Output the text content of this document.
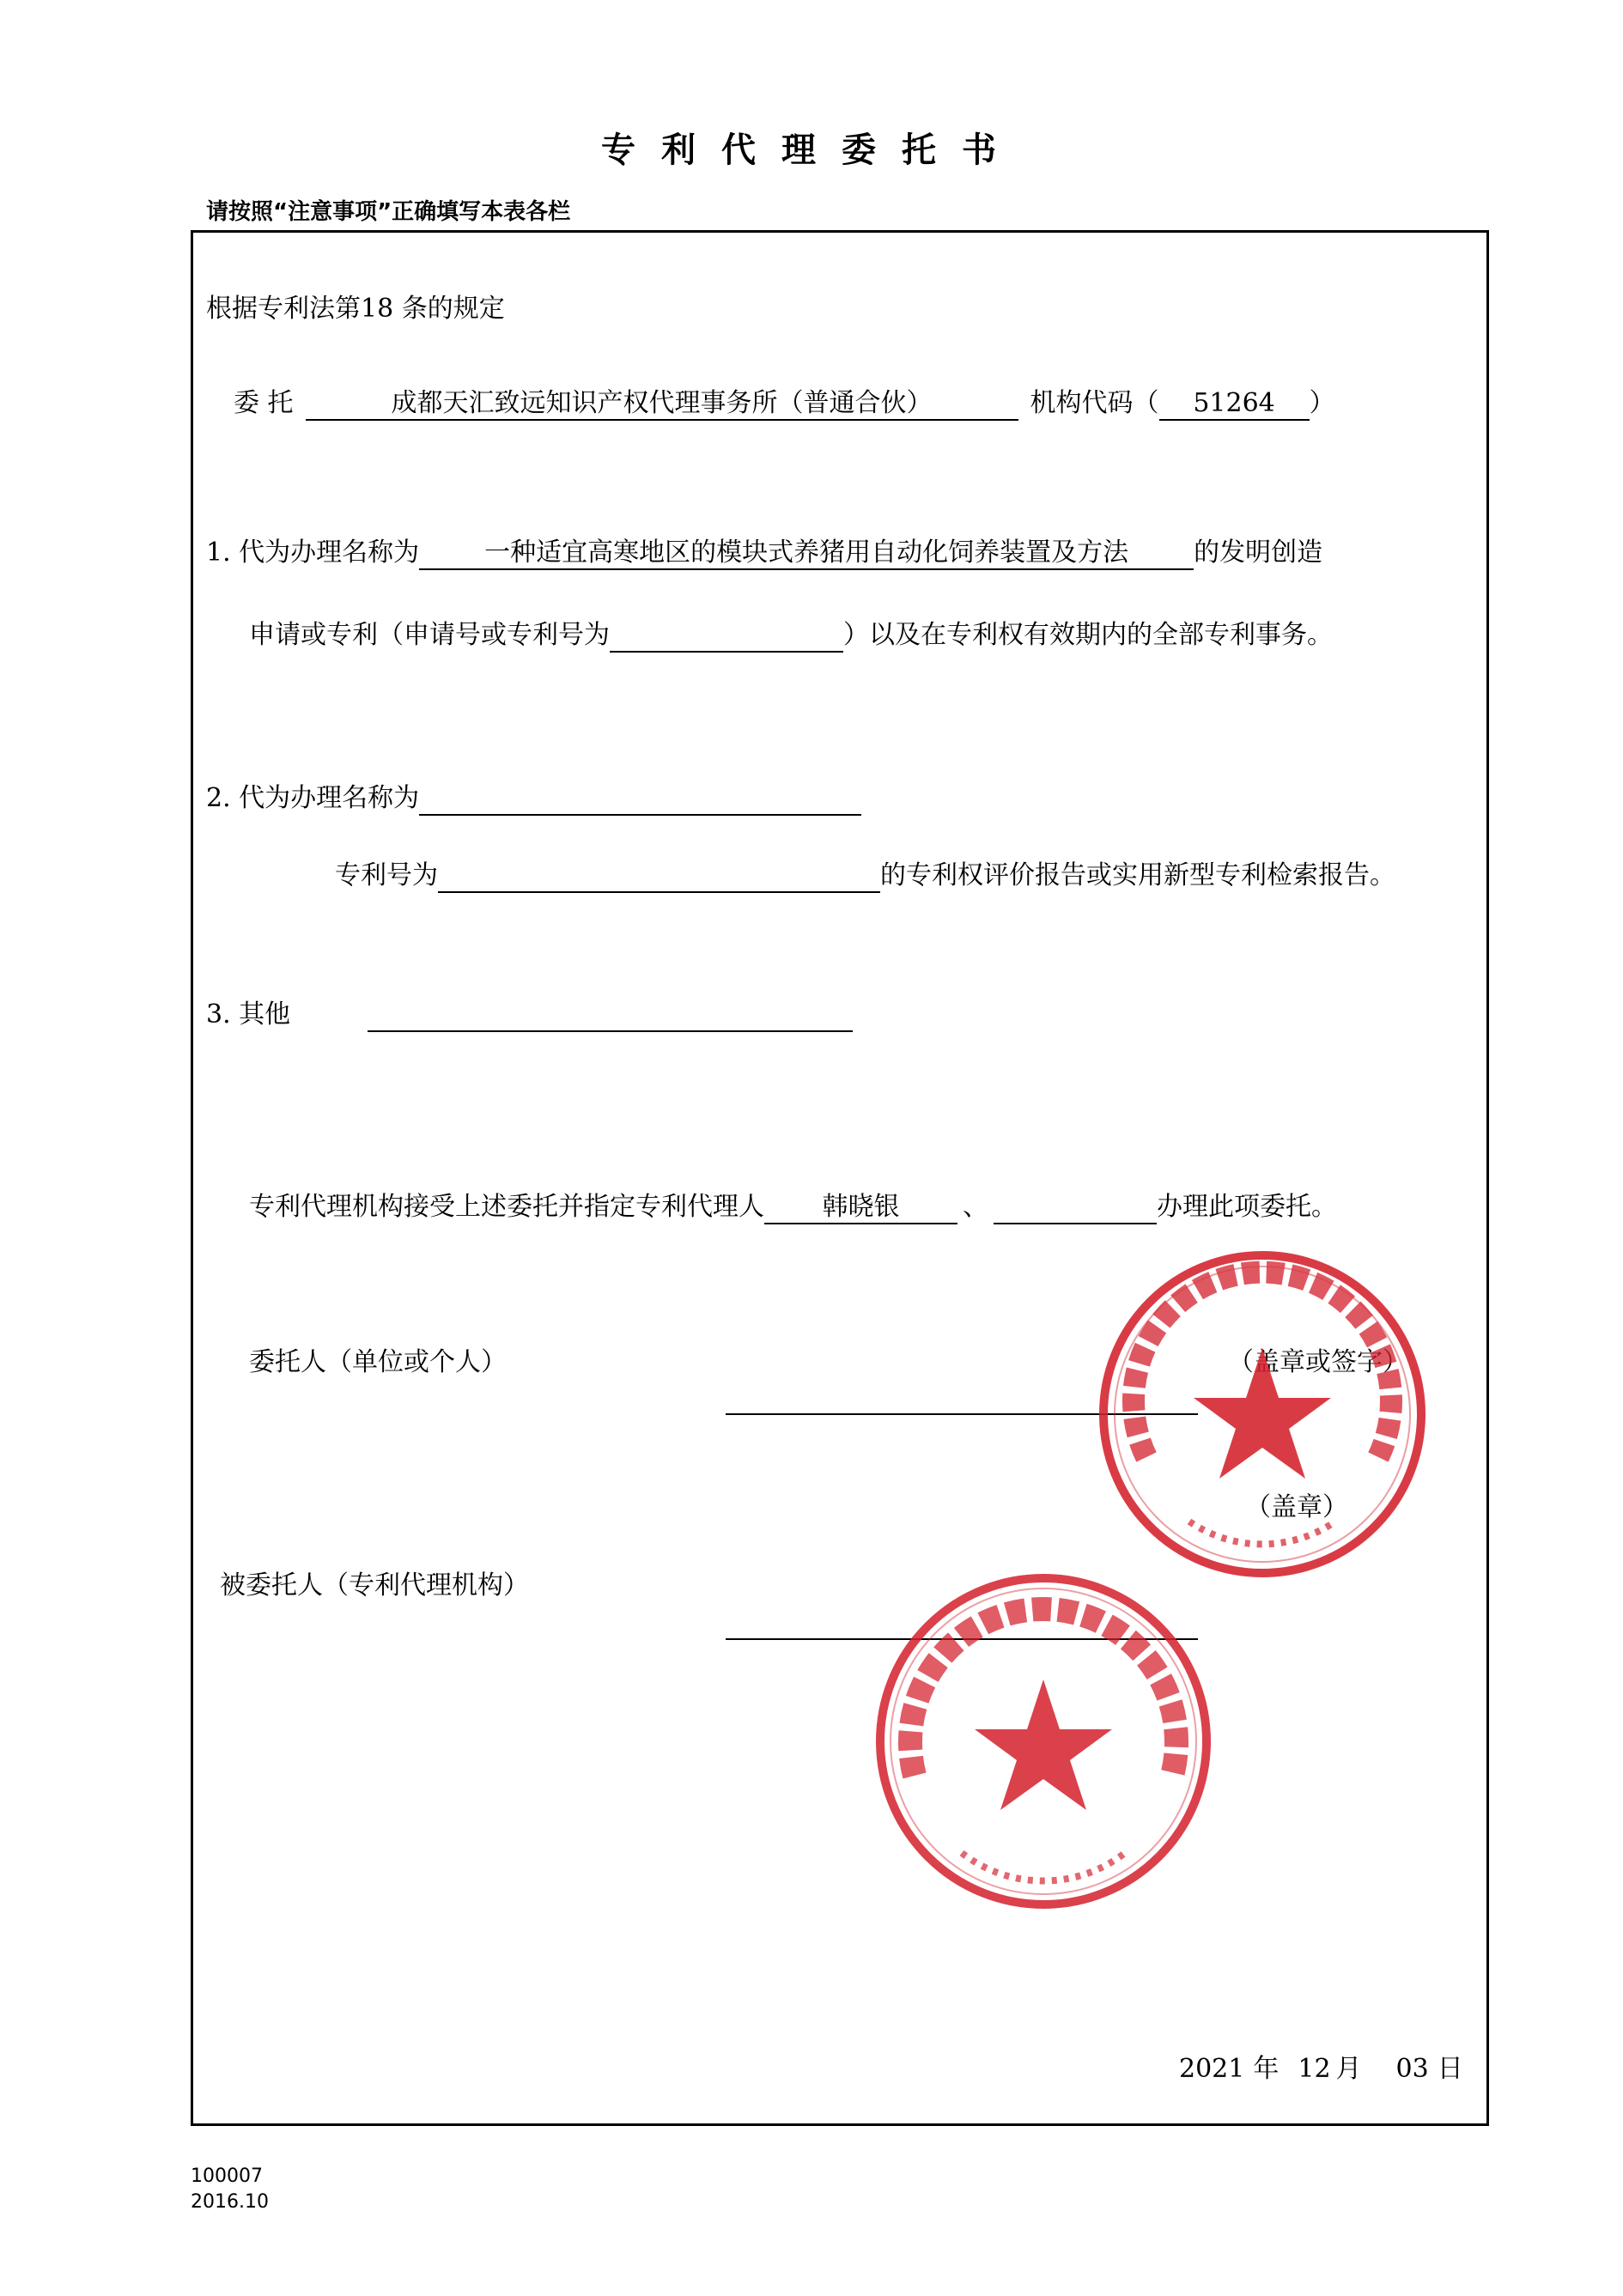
专利代理委托书
请按照“注意事项”正确填写本表各栏
根据专利法第18 条的规定
委 托	成都天汇致远知识产权代理事务所（普通合伙）	机构代码（ 51264 ）
1. 代为办理名称为	一种适宜高寒地区的模块式养猪用自动化饲养装置及方法	的发明创造
申请或专利（申请号或专利号为	）以及在专利权有效期内的全部专利事务。
2. 代为办理名称为
专利号为	的专利权评价报告或实用新型专利检索报告。
3. 其他
专利代理机构接受上述委托并指定专利代理人 韩晓银 、	办理此项委托。
委托人（单位或个人）	（盖章或签字）
（盖章）
被委托人（专利代理机构）
2021 年 12 月 03 日
100007
2016.10
